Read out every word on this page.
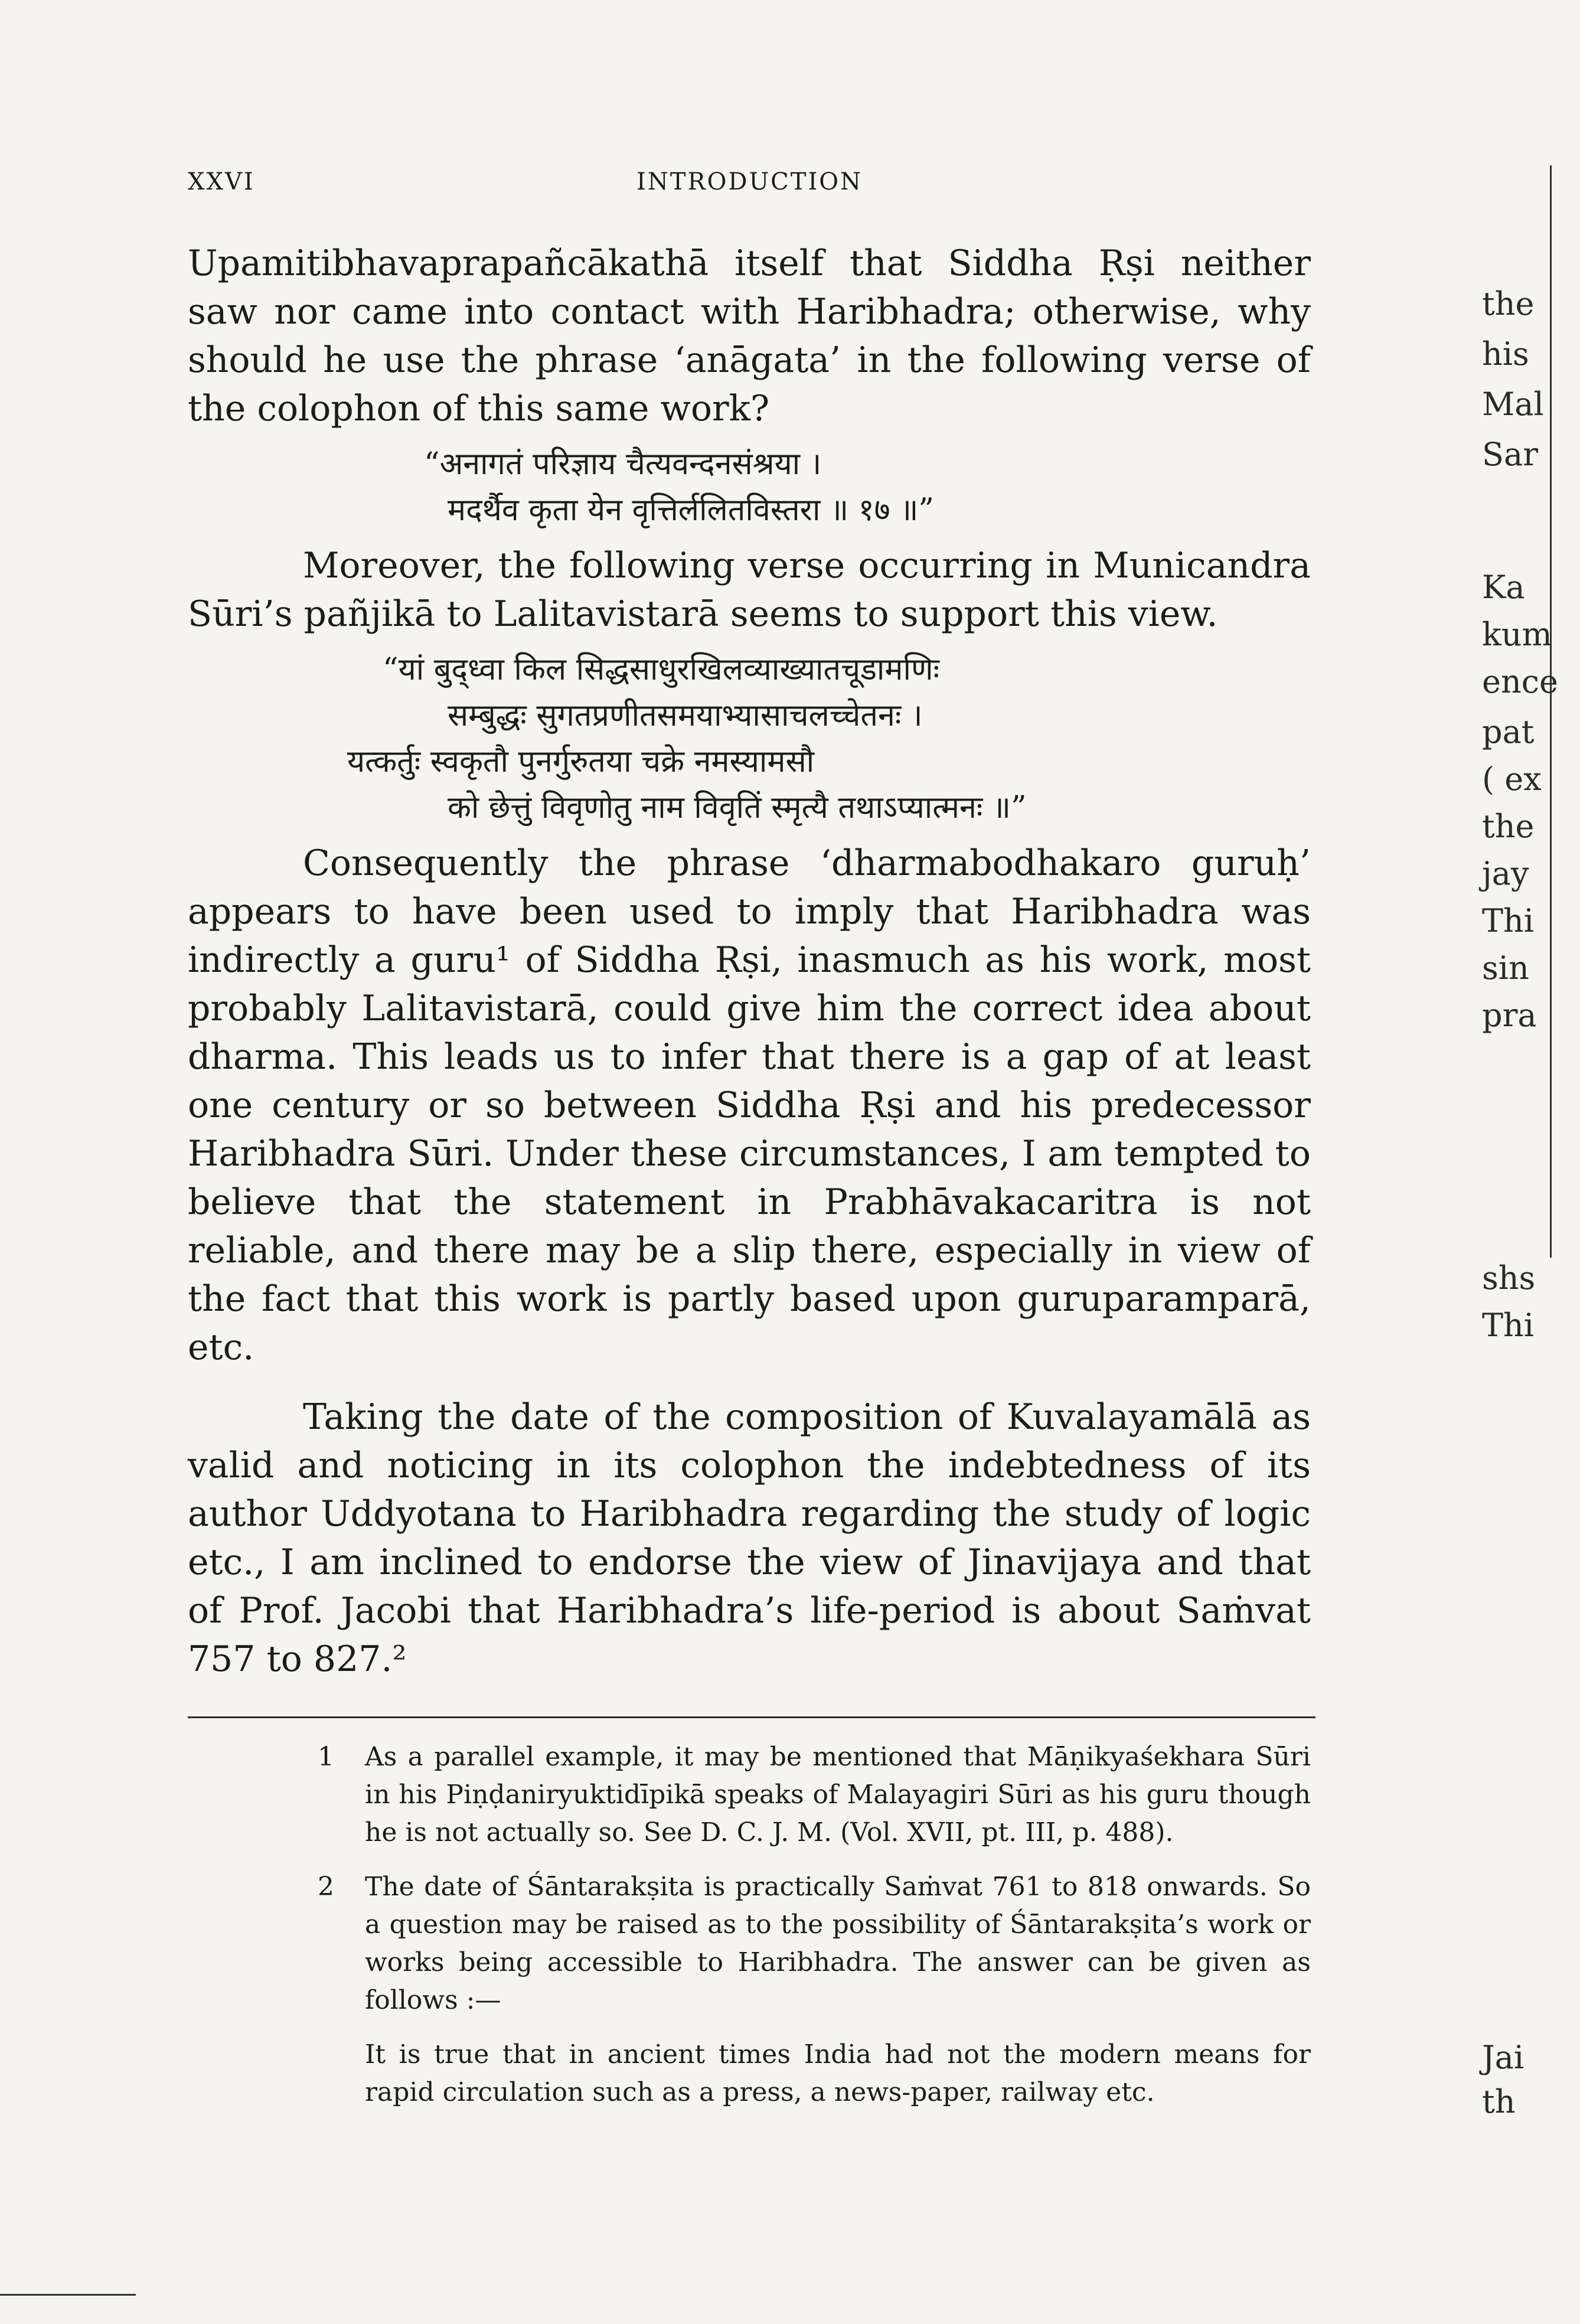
XXVI	INTRODUCTION

Upamitibhavaprapañcākathā itself that Siddha Ṛṣi neither saw nor came into contact with Haribhadra; otherwise, why should he use the phrase ‘anāgata’ in the following verse of the colophon of this same work?

“अनागतं परिज्ञाय चैत्यवन्दनसंश्रया ।
मदर्थैव कृता येन वृत्तिर्ललितविस्तरा ॥ १७ ॥”

Moreover, the following verse occurring in Municandra Sūri’s pañjikā to Lalitavistarā seems to support this view.

“यां बुद्ध्वा किल सिद्धसाधुरखिलव्याख्यातचूडामणिः
सम्बुद्धः सुगतप्रणीतसमयाभ्यासाचलच्चेतनः ।
यत्कर्तुः स्वकृतौ पुनर्गुरुतया चक्रे नमस्यामसौ
को छेत्तुं विवृणोतु नाम विवृतिं स्मृत्यै तथाऽप्यात्मनः ॥”

Consequently the phrase ‘dharmabodhakaro guruḥ’ appears to have been used to imply that Haribhadra was indirectly a guru¹ of Siddha Ṛṣi, inasmuch as his work, most probably Lalitavistarā, could give him the correct idea about dharma. This leads us to infer that there is a gap of at least one century or so between Siddha Ṛṣi and his predecessor Haribhadra Sūri. Under these circumstances, I am tempted to believe that the statement in Prabhāvakacaritra is not reliable, and there may be a slip there, especially in view of the fact that this work is partly based upon guruparamparā, etc.

Taking the date of the composition of Kuvalayamālā as valid and noticing in its colophon the indebtedness of its author Uddyotana to Haribhadra regarding the study of logic etc., I am inclined to endorse the view of Jinavijaya and that of Prof. Jacobi that Haribhadra’s life-period is about Saṁvat 757 to 827.²

1 As a parallel example, it may be mentioned that Māṇikyaśekhara Sūri in his Piṇḍaniryuktidīpikā speaks of Malayagiri Sūri as his guru though he is not actually so. See D. C. J. M. (Vol. XVII, pt. III, p. 488).
2 The date of Śāntarakṣita is practically Saṁvat 761 to 818 onwards. So a question may be raised as to the possibility of Śāntarakṣita’s work or works being accessible to Haribhadra. The answer can be given as follows :—
It is true that in ancient times India had not the modern means for rapid circulation such as a press, a news-paper, railway etc.
the
his
Mal
Sar
Ka
kum
ence
pat
( ex
the
jay
Thi
sin
pra
shs
Thi
Jai
th
